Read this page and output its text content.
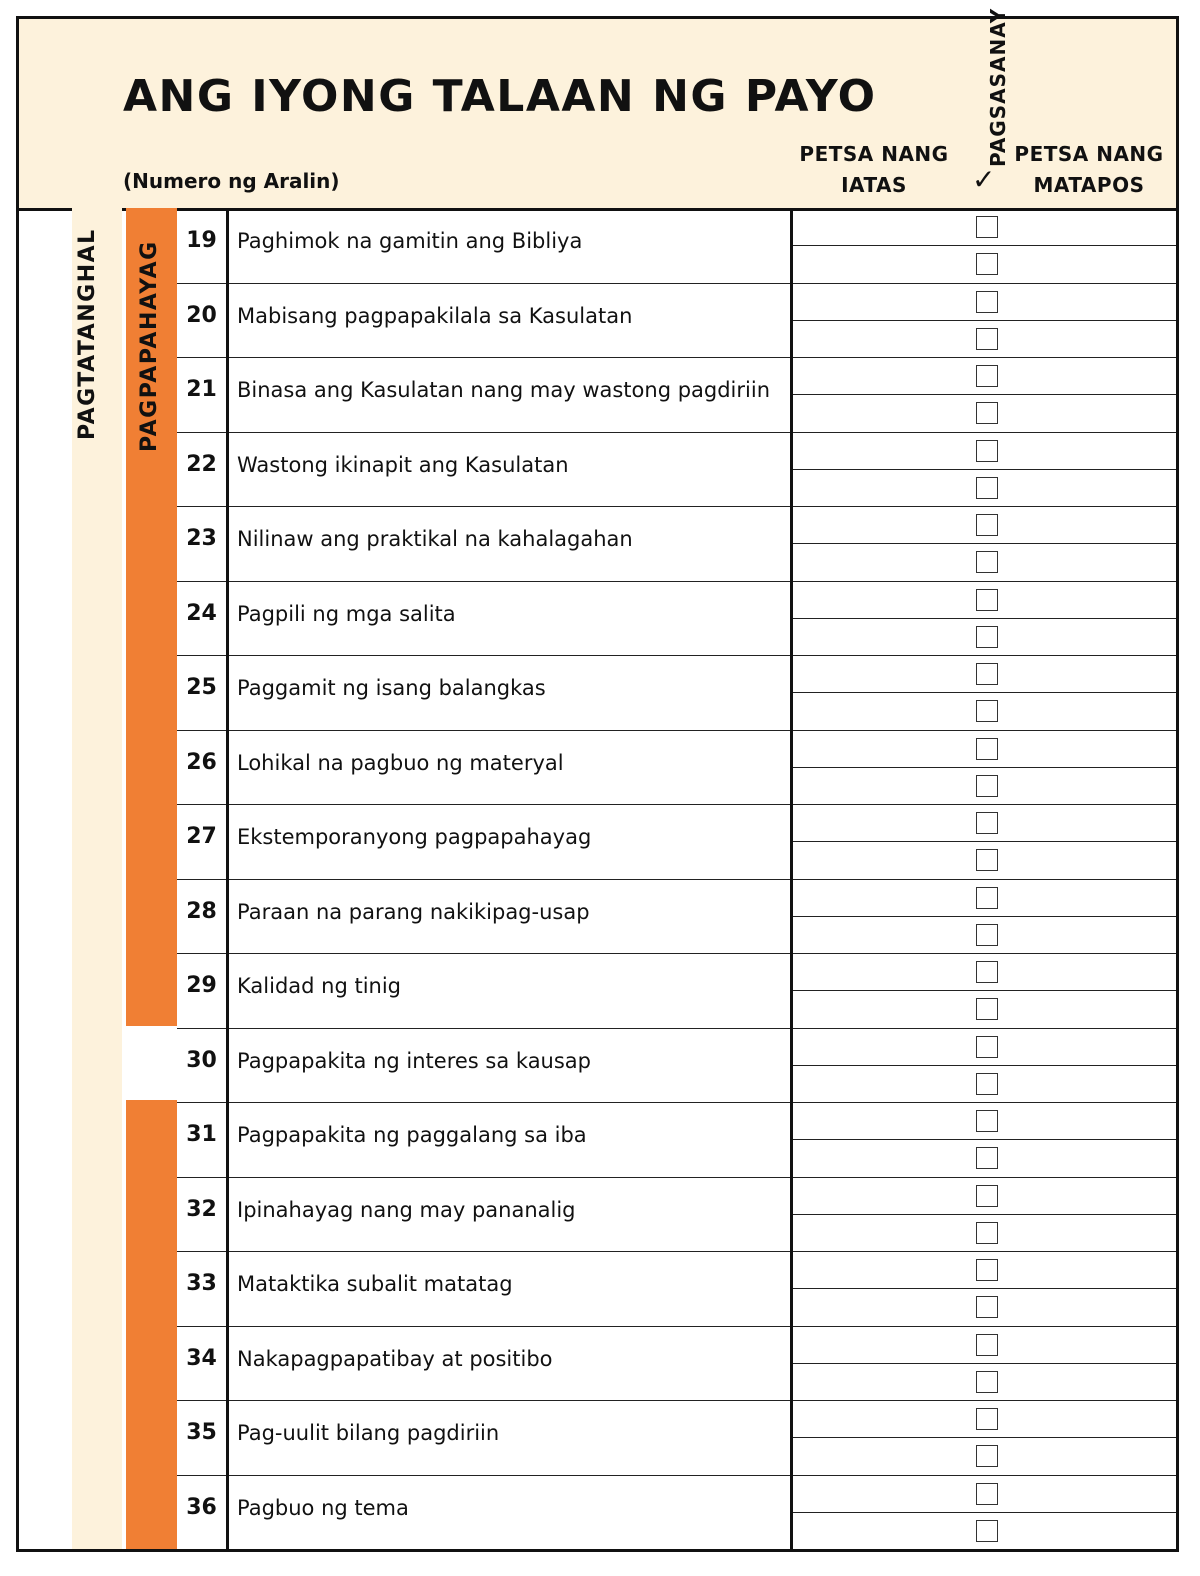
ANG IYONG TALAAN NG PAYO
(Numero ng Aralin)
PETSA NANG
IATAS
PAGSASANAY
✓
PETSA NANG
MATAPOS
PAGTATANGHAL PAGPAPAHAYAG	19 Paghimok na gamitin ang Bibliya
20 Mabisang pagpapakilala sa Kasulatan
21 Binasa ang Kasulatan nang may wastong pagdiriin
22 Wastong ikinapit ang Kasulatan
23 Nilinaw ang praktikal na kahalagahan
24 Pagpili ng mga salita
25 Paggamit ng isang balangkas
26 Lohikal na pagbuo ng materyal
27 Ekstemporanyong pagpapahayag
28 Paraan na parang nakikipag-usap
29 Kalidad ng tinig
30 Pagpapakita ng interes sa kausap
31 Pagpapakita ng paggalang sa iba
32 Ipinahayag nang may pananalig
33 Mataktika subalit matatag
34 Nakapagpapatibay at positibo
35 Pag-uulit bilang pagdiriin
36 Pagbuo ng tema
